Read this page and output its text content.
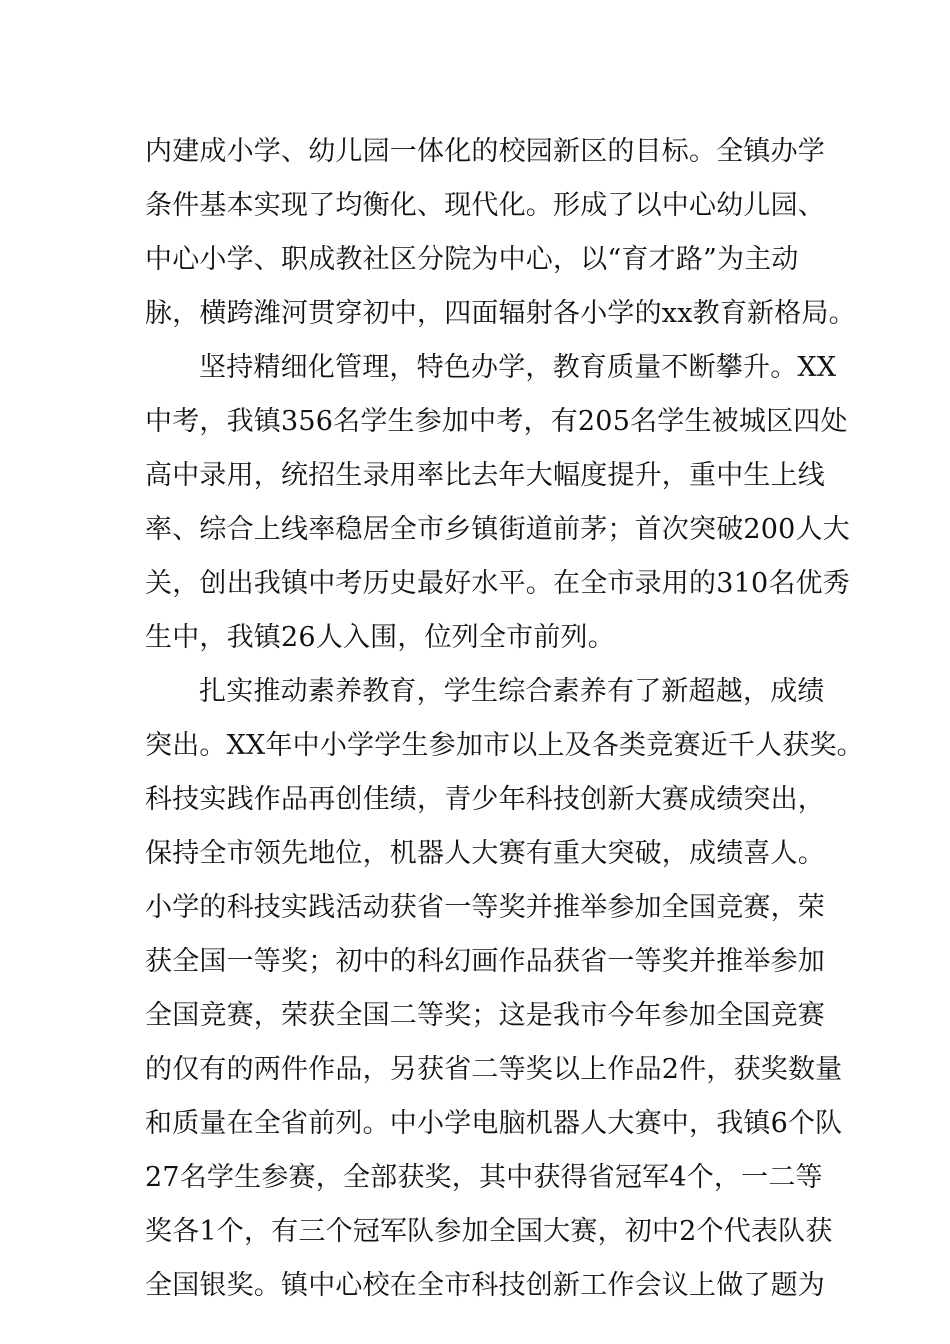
内建成小学、幼儿园一体化的校园新区的目标。全镇办学
条件基本实现了均衡化、现代化。形成了以中心幼儿园、
中心小学、职成教社区分院为中心，以“育才路”为主动
脉，横跨潍河贯穿初中，四面辐射各小学的xx教育新格局。
坚持精细化管理，特色办学，教育质量不断攀升。XX
中考，我镇356名学生参加中考，有205名学生被城区四处
高中录用，统招生录用率比去年大幅度提升，重中生上线
率、综合上线率稳居全市乡镇街道前茅；首次突破200人大
关，创出我镇中考历史最好水平。在全市录用的310名优秀
生中，我镇26人入围，位列全市前列。
扎实推动素养教育，学生综合素养有了新超越，成绩
突出。XX年中小学学生参加市以上及各类竞赛近千人获奖。
科技实践作品再创佳绩，青少年科技创新大赛成绩突出，
保持全市领先地位，机器人大赛有重大突破，成绩喜人。
小学的科技实践活动获省一等奖并推举参加全国竞赛，荣
获全国一等奖；初中的科幻画作品获省一等奖并推举参加
全国竞赛，荣获全国二等奖；这是我市今年参加全国竞赛
的仅有的两件作品，另获省二等奖以上作品2件，获奖数量
和质量在全省前列。中小学电脑机器人大赛中，我镇6个队
27名学生参赛，全部获奖，其中获得省冠军4个，一二等
奖各1个，有三个冠军队参加全国大赛，初中2个代表队获
全国银奖。镇中心校在全市科技创新工作会议上做了题为
